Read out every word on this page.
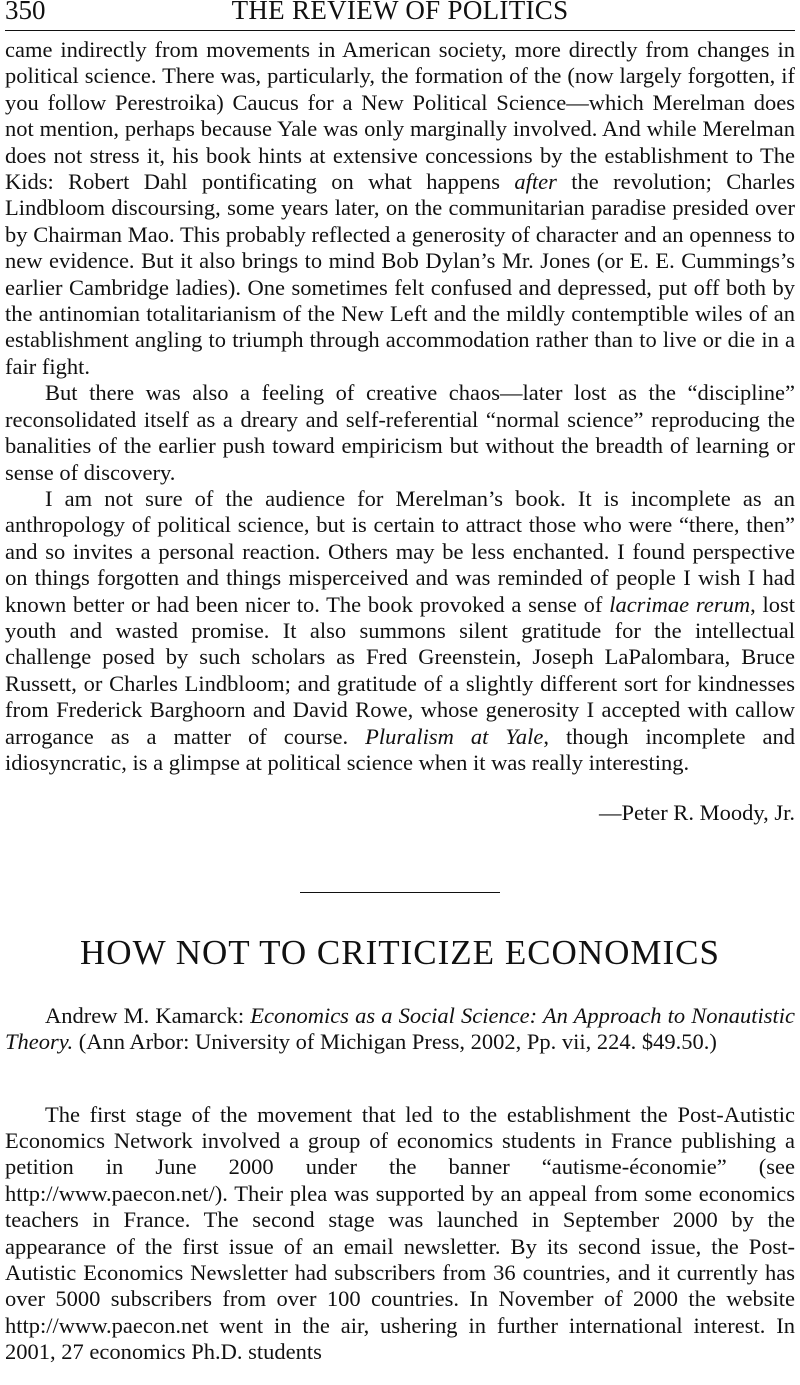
350	THE REVIEW OF POLITICS

came indirectly from movements in American society, more directly from changes in political science. There was, particularly, the formation of the (now largely forgotten, if you follow Perestroika) Caucus for a New Political Science—which Merelman does not mention, perhaps because Yale was only marginally involved. And while Merelman does not stress it, his book hints at extensive concessions by the establishment to The Kids: Robert Dahl pontificating on what happens after the revolution; Charles Lindbloom discoursing, some years later, on the communitarian paradise presided over by Chairman Mao. This probably reflected a generosity of character and an openness to new evidence. But it also brings to mind Bob Dylan’s Mr. Jones (or E. E. Cummings’s earlier Cambridge ladies). One sometimes felt confused and depressed, put off both by the antinomian totalitarianism of the New Left and the mildly contemptible wiles of an establishment angling to triumph through accommodation rather than to live or die in a fair fight.

But there was also a feeling of creative chaos—later lost as the “discipline” reconsolidated itself as a dreary and self-referential “normal science” reproducing the banalities of the earlier push toward empiricism but without the breadth of learning or sense of discovery.

I am not sure of the audience for Merelman’s book. It is incomplete as an anthropology of political science, but is certain to attract those who were “there, then” and so invites a personal reaction. Others may be less enchanted. I found perspective on things forgotten and things misperceived and was reminded of people I wish I had known better or had been nicer to. The book provoked a sense of lacrimae rerum, lost youth and wasted promise. It also summons silent gratitude for the intellectual challenge posed by such scholars as Fred Greenstein, Joseph LaPalombara, Bruce Russett, or Charles Lindbloom; and gratitude of a slightly different sort for kindnesses from Frederick Barghoorn and David Rowe, whose generosity I accepted with callow arrogance as a matter of course. Pluralism at Yale, though incomplete and idiosyncratic, is a glimpse at political science when it was really interesting.

—Peter R. Moody, Jr.
HOW NOT TO CRITICIZE ECONOMICS

Andrew M. Kamarck: Economics as a Social Science: An Approach to Nonautistic Theory. (Ann Arbor: University of Michigan Press, 2002, Pp. vii, 224. $49.50.)

The first stage of the movement that led to the establishment the Post-Autistic Economics Network involved a group of economics students in France publishing a petition in June 2000 under the banner “autisme-économie” (see http://www.paecon.net/). Their plea was supported by an appeal from some economics teachers in France. The second stage was launched in September 2000 by the appearance of the first issue of an email newsletter. By its second issue, the Post-Autistic Economics Newsletter had subscribers from 36 countries, and it currently has over 5000 subscribers from over 100 countries. In November of 2000 the website http://www.paecon.net went in the air, ushering in further international interest. In 2001, 27 economics Ph.D. students
